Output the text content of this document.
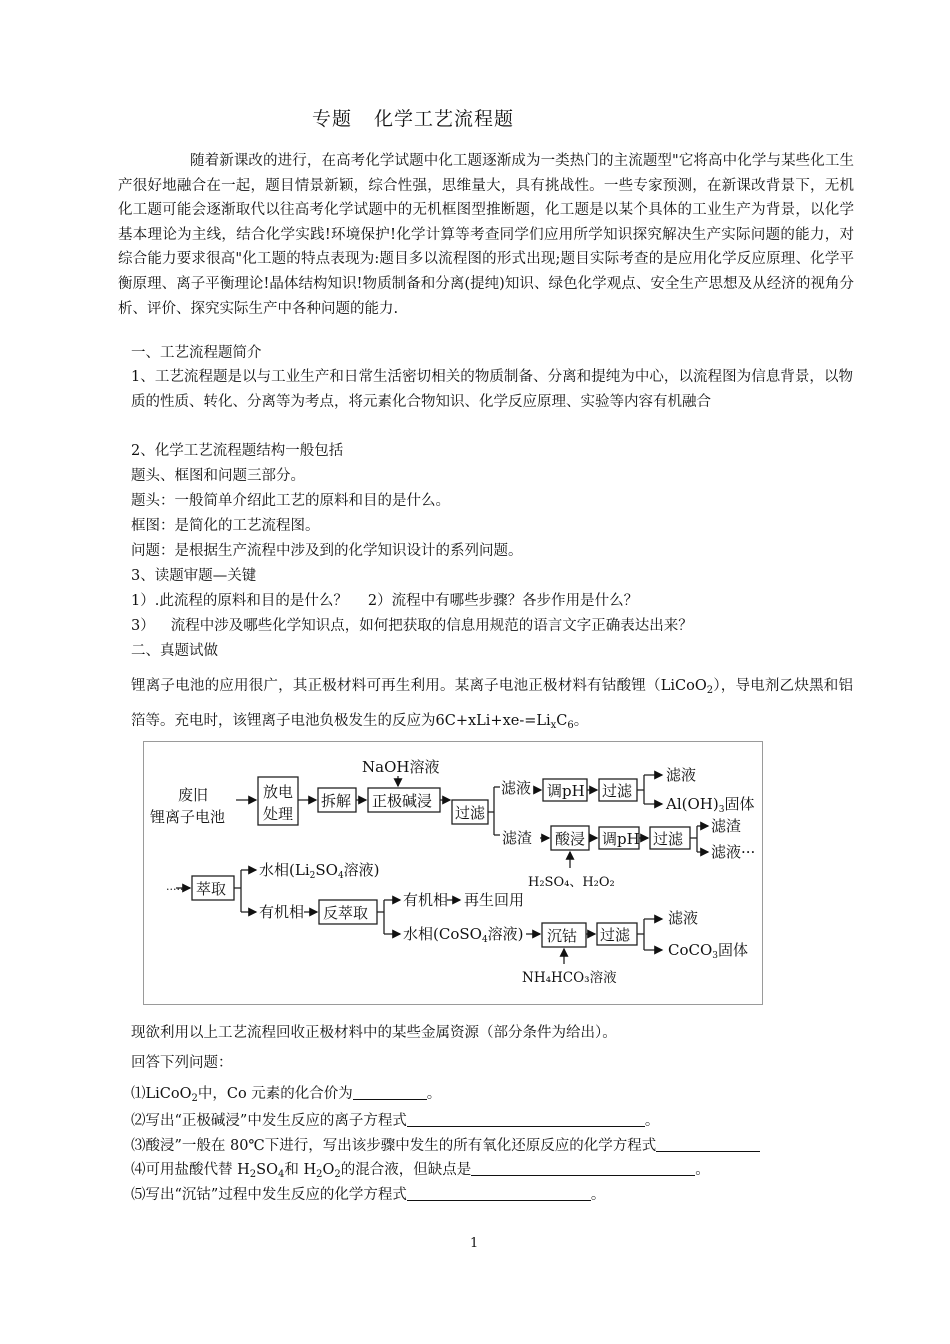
专题 化学工艺流程题
随着新课改的进行，在高考化学试题中化工题逐渐成为一类热门的主流题型"它将高中化学与某些化工生产很好地融合在一起，题目情景新颖，综合性强，思维量大，具有挑战性。一些专家预测，在新课改背景下，无机化工题可能会逐渐取代以往高考化学试题中的无机框图型推断题，化工题是以某个具体的工业生产为背景，以化学基本理论为主线，结合化学实践!环境保护!化学计算等考查同学们应用所学知识探究解决生产实际问题的能力，对综合能力要求很高"化工题的特点表现为:题目多以流程图的形式出现;题目实际考查的是应用化学反应原理、化学平衡原理、离子平衡理论!晶体结构知识!物质制备和分离(提纯)知识、绿色化学观点、安全生产思想及从经济的视角分析、评价、探究实际生产中各种问题的能力.
一、工艺流程题简介
1、工艺流程题是以与工业生产和日常生活密切相关的物质制备、分离和提纯为中心，以流程图为信息背景，以物质的性质、转化、分离等为考点，将元素化合物知识、化学反应原理、实验等内容有机融合
2、化学工艺流程题结构一般包括
题头、框图和问题三部分。
题头：一般简单介绍此工艺的原料和目的是什么。
框图：是简化的工艺流程图。
问题：是根据生产流程中涉及到的化学知识设计的系列问题。
3、读题审题—关键
1）.此流程的原料和目的是什么？ 2）流程中有哪些步骤？各步作用是什么？
3） 流程中涉及哪些化学知识点，如何把获取的信息用规范的语言文字正确表达出来？
二、真题试做
锂离子电池的应用很广，其正极材料可再生利用。某离子电池正极材料有钴酸锂（LiCoO$_2$），导电剂乙炔黑和铝箔等。充电时，该锂离子电池负极发生的反应为$6C+xLi+xe-=Li_xC_6$。
废旧
锂离子电池
放电
处理
拆解 正极碱浸
NaOH溶液
过滤
滤液 调pH 过滤
滤液
$Al(OH)_3$固体
滤渣 酸浸
H₂SO₄、H₂O₂
调pH 过滤
滤渣
滤液···
······ 萃取
水相($Li_2SO_4$溶液)
有机相 反萃取
有机相 再生回用
水相(CoSO$_4$溶液) 沉钴 过滤
NH₄HCO₃溶液
滤液
CoCO$_3$固体
现欲利用以上工艺流程回收正极材料中的某些金属资源（部分条件为给出）。
回答下列问题：
⑴LiCoO$_2$中，Co 元素的化合价为	。
⑵写出“正极碱浸”中发生反应的离子方程式	。
⑶酸浸”一般在 80℃下进行，写出该步骤中发生的所有氧化还原反应的化学方程式
⑷可用盐酸代替 $H_2SO_4$和 $H_2O_2$的混合液，但缺点是	。
⑸写出“沉钴”过程中发生反应的化学方程式	。
1
